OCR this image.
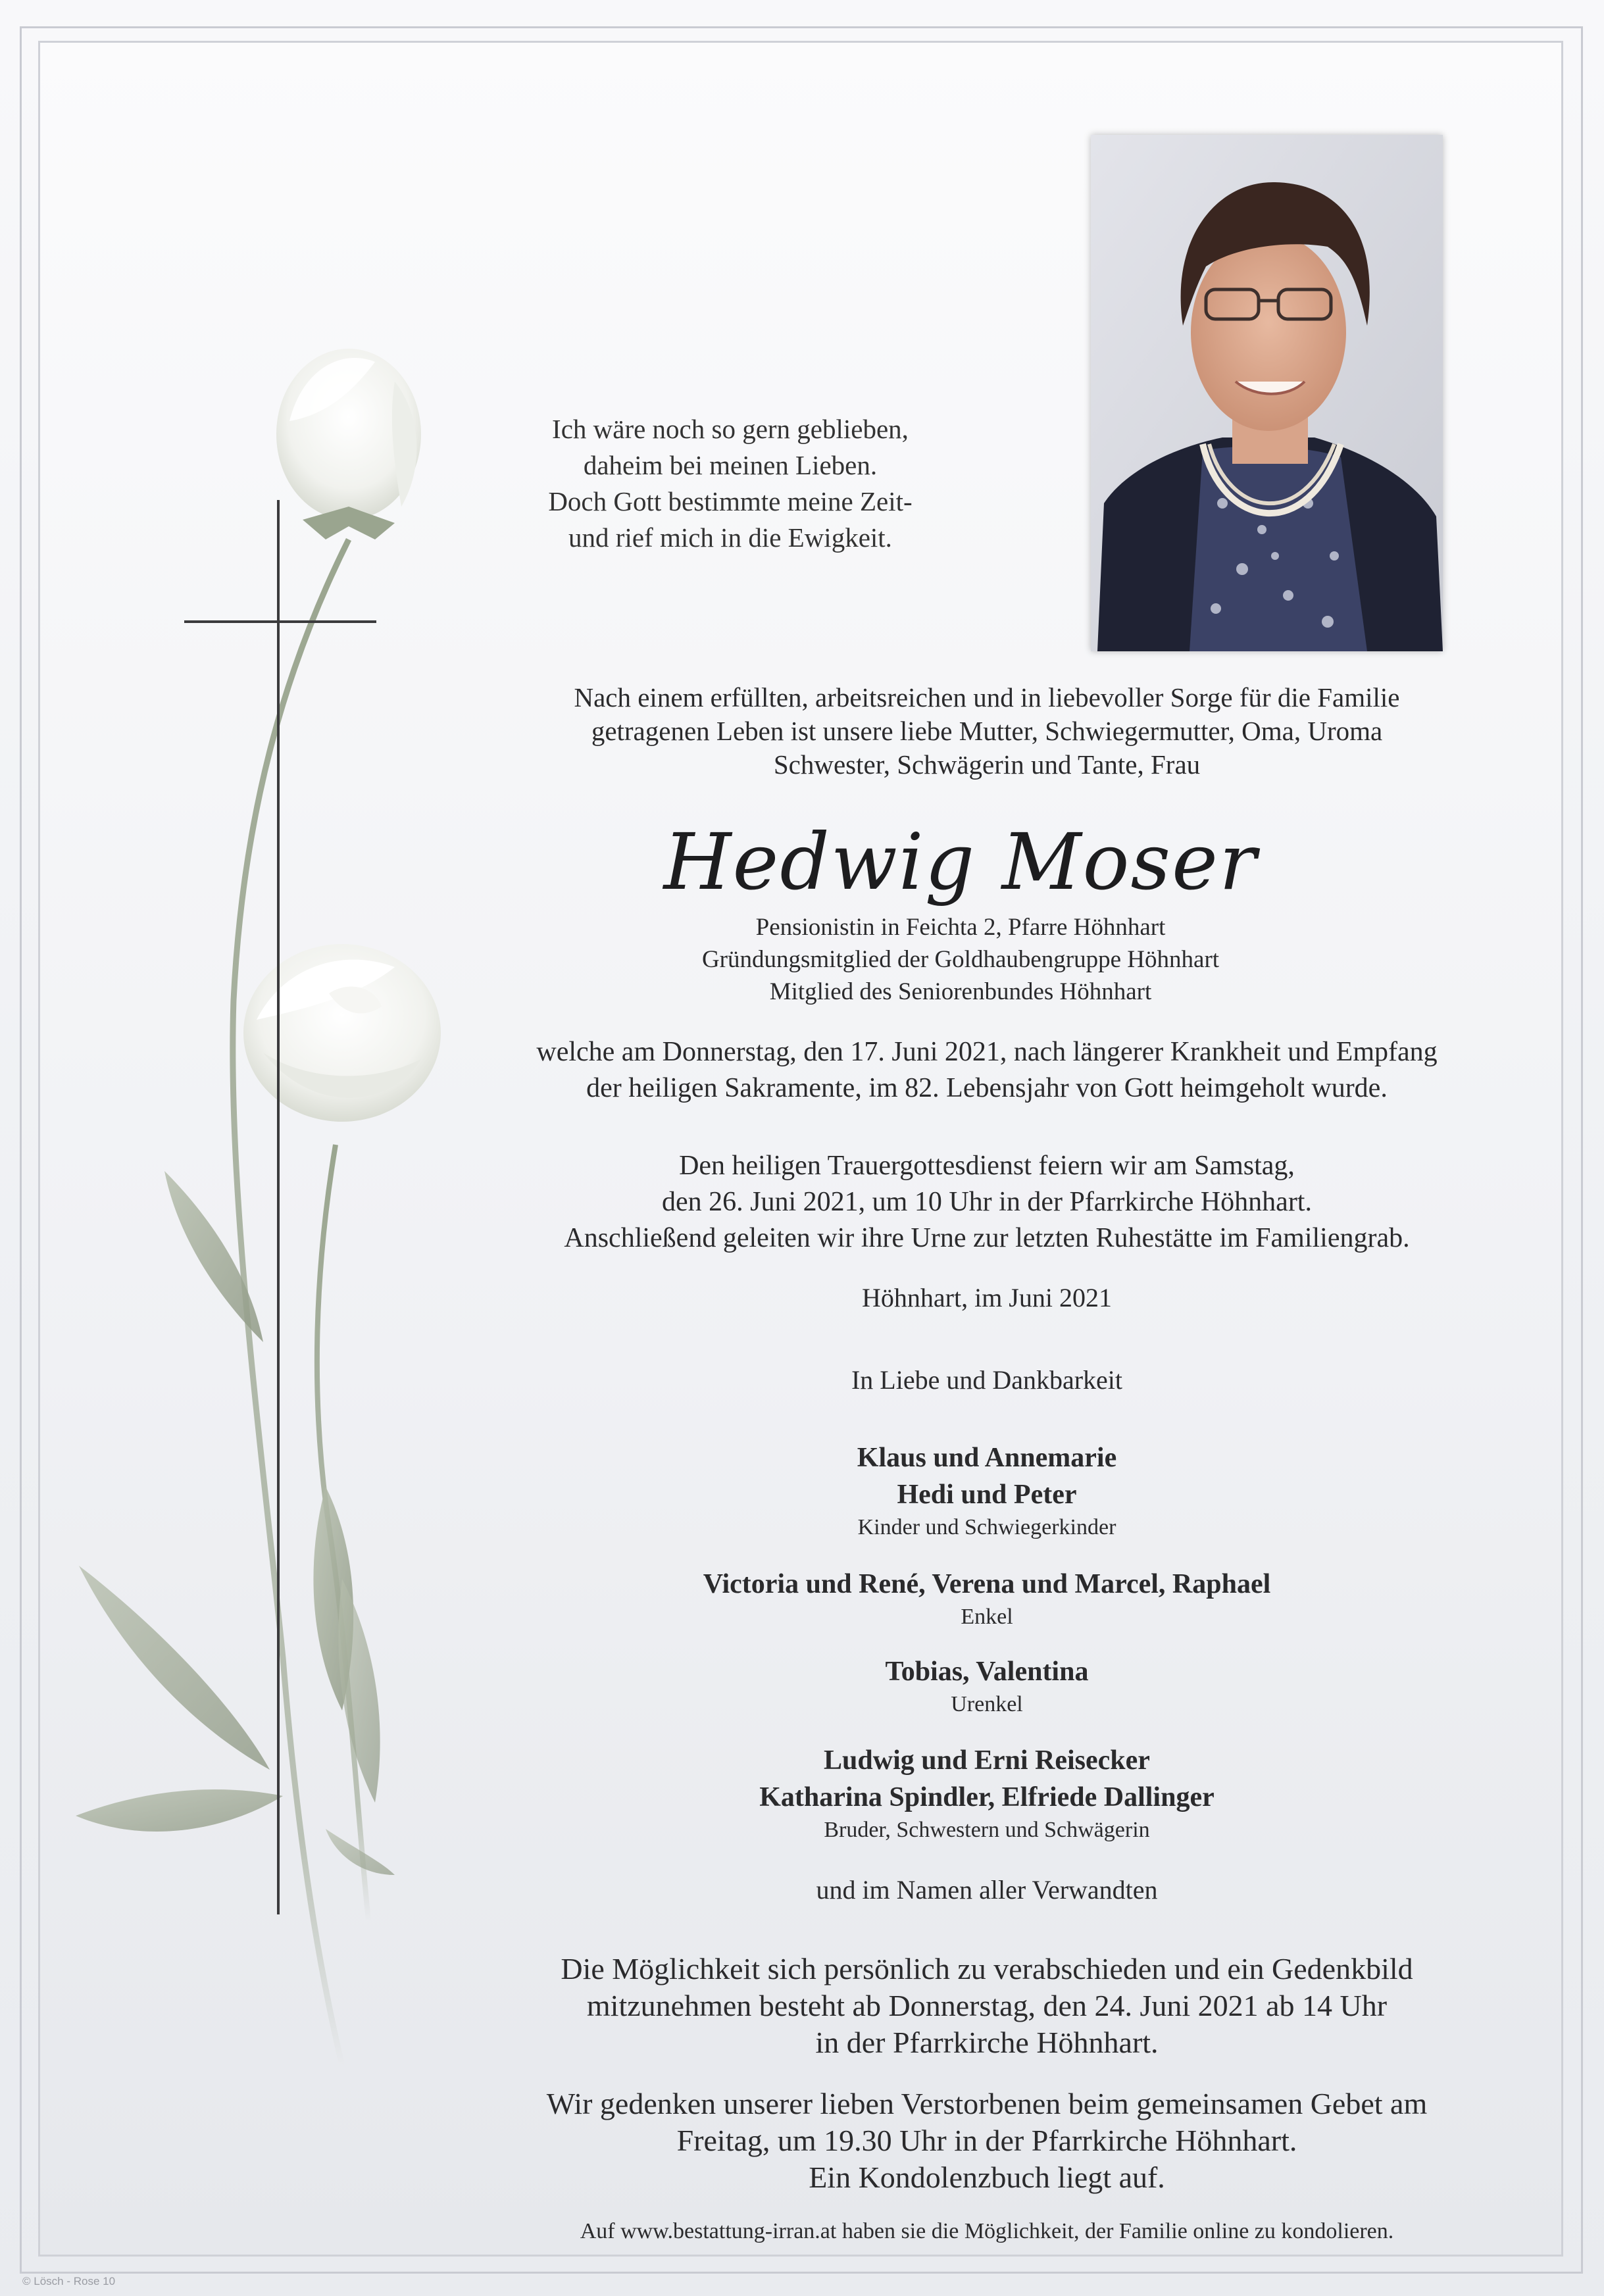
Ich wäre noch so gern geblieben,
daheim bei meinen Lieben.
Doch Gott bestimmte meine Zeit-
und rief mich in die Ewigkeit.
Nach einem erfüllten, arbeitsreichen und in liebevoller Sorge für die Familie
getragenen Leben ist unsere liebe Mutter, Schwiegermutter, Oma, Uroma
Schwester, Schwägerin und Tante, Frau
Hedwig Moser
Pensionistin in Feichta 2, Pfarre Höhnhart
Gründungsmitglied der Goldhaubengruppe Höhnhart
Mitglied des Seniorenbundes Höhnhart
welche am Donnerstag, den 17. Juni 2021, nach längerer Krankheit und Empfang
der heiligen Sakramente, im 82. Lebensjahr von Gott heimgeholt wurde.
Den heiligen Trauergottesdienst feiern wir am Samstag,
den 26. Juni 2021, um 10 Uhr in der Pfarrkirche Höhnhart.
Anschließend geleiten wir ihre Urne zur letzten Ruhestätte im Familiengrab.
Höhnhart, im Juni 2021
In Liebe und Dankbarkeit
Klaus und Annemarie
Hedi und Peter
Kinder und Schwiegerkinder
Victoria und René, Verena und Marcel, Raphael
Enkel
Tobias, Valentina
Urenkel
Ludwig und Erni Reisecker
Katharina Spindler, Elfriede Dallinger
Bruder, Schwestern und Schwägerin
und im Namen aller Verwandten
Die Möglichkeit sich persönlich zu verabschieden und ein Gedenkbild
mitzunehmen besteht ab Donnerstag, den 24. Juni 2021 ab 14 Uhr
in der Pfarrkirche Höhnhart.
Wir gedenken unserer lieben Verstorbenen beim gemeinsamen Gebet am
Freitag, um 19.30 Uhr in der Pfarrkirche Höhnhart.
Ein Kondolenzbuch liegt auf.
Auf www.bestattung-irran.at haben sie die Möglichkeit, der Familie online zu kondolieren.
© Lösch - Rose 10
